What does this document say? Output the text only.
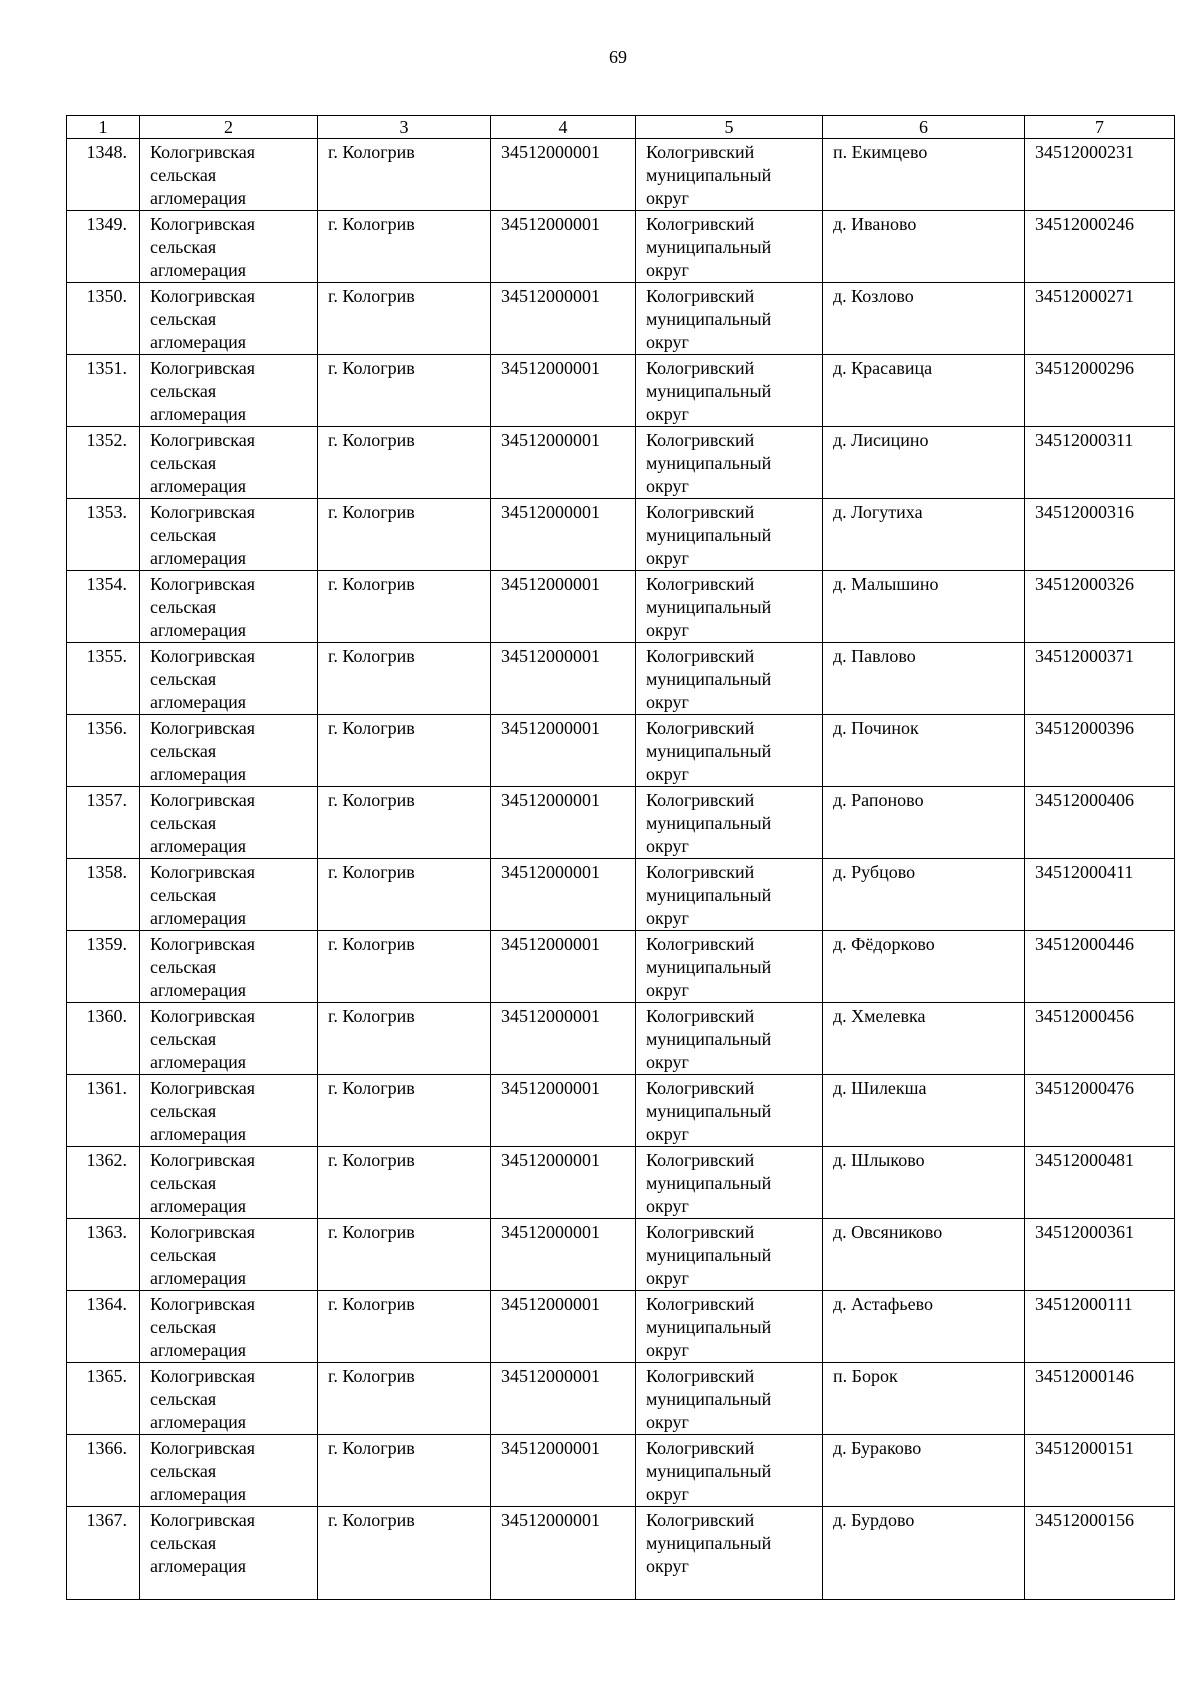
69
1	2	3	4	5	6	7
1348.	Кологривская сельская агломерация	г. Кологрив	34512000001	Кологривский муниципальный округ	п. Екимцево	34512000231
1349.	Кологривская сельская агломерация	г. Кологрив	34512000001	Кологривский муниципальный округ	д. Иваново	34512000246
1350.	Кологривская сельская агломерация	г. Кологрив	34512000001	Кологривский муниципальный округ	д. Козлово	34512000271
1351.	Кологривская сельская агломерация	г. Кологрив	34512000001	Кологривский муниципальный округ	д. Красавица	34512000296
1352.	Кологривская сельская агломерация	г. Кологрив	34512000001	Кологривский муниципальный округ	д. Лисицино	34512000311
1353.	Кологривская сельская агломерация	г. Кологрив	34512000001	Кологривский муниципальный округ	д. Логутиха	34512000316
1354.	Кологривская сельская агломерация	г. Кологрив	34512000001	Кологривский муниципальный округ	д. Малышино	34512000326
1355.	Кологривская сельская агломерация	г. Кологрив	34512000001	Кологривский муниципальный округ	д. Павлово	34512000371
1356.	Кологривская сельская агломерация	г. Кологрив	34512000001	Кологривский муниципальный округ	д. Починок	34512000396
1357.	Кологривская сельская агломерация	г. Кологрив	34512000001	Кологривский муниципальный округ	д. Рапоново	34512000406
1358.	Кологривская сельская агломерация	г. Кологрив	34512000001	Кологривский муниципальный округ	д. Рубцово	34512000411
1359.	Кологривская сельская агломерация	г. Кологрив	34512000001	Кологривский муниципальный округ	д. Фёдорково	34512000446
1360.	Кологривская сельская агломерация	г. Кологрив	34512000001	Кологривский муниципальный округ	д. Хмелевка	34512000456
1361.	Кологривская сельская агломерация	г. Кологрив	34512000001	Кологривский муниципальный округ	д. Шилекша	34512000476
1362.	Кологривская сельская агломерация	г. Кологрив	34512000001	Кологривский муниципальный округ	д. Шлыково	34512000481
1363.	Кологривская сельская агломерация	г. Кологрив	34512000001	Кологривский муниципальный округ	д. Овсяниково	34512000361
1364.	Кологривская сельская агломерация	г. Кологрив	34512000001	Кологривский муниципальный округ	д. Астафьево	34512000111
1365.	Кологривская сельская агломерация	г. Кологрив	34512000001	Кологривский муниципальный округ	п. Борок	34512000146
1366.	Кологривская сельская агломерация	г. Кологрив	34512000001	Кологривский муниципальный округ	д. Бураково	34512000151
1367.	Кологривская сельская агломерация	г. Кологрив	34512000001	Кологривский муниципальный округ	д. Бурдово	34512000156
